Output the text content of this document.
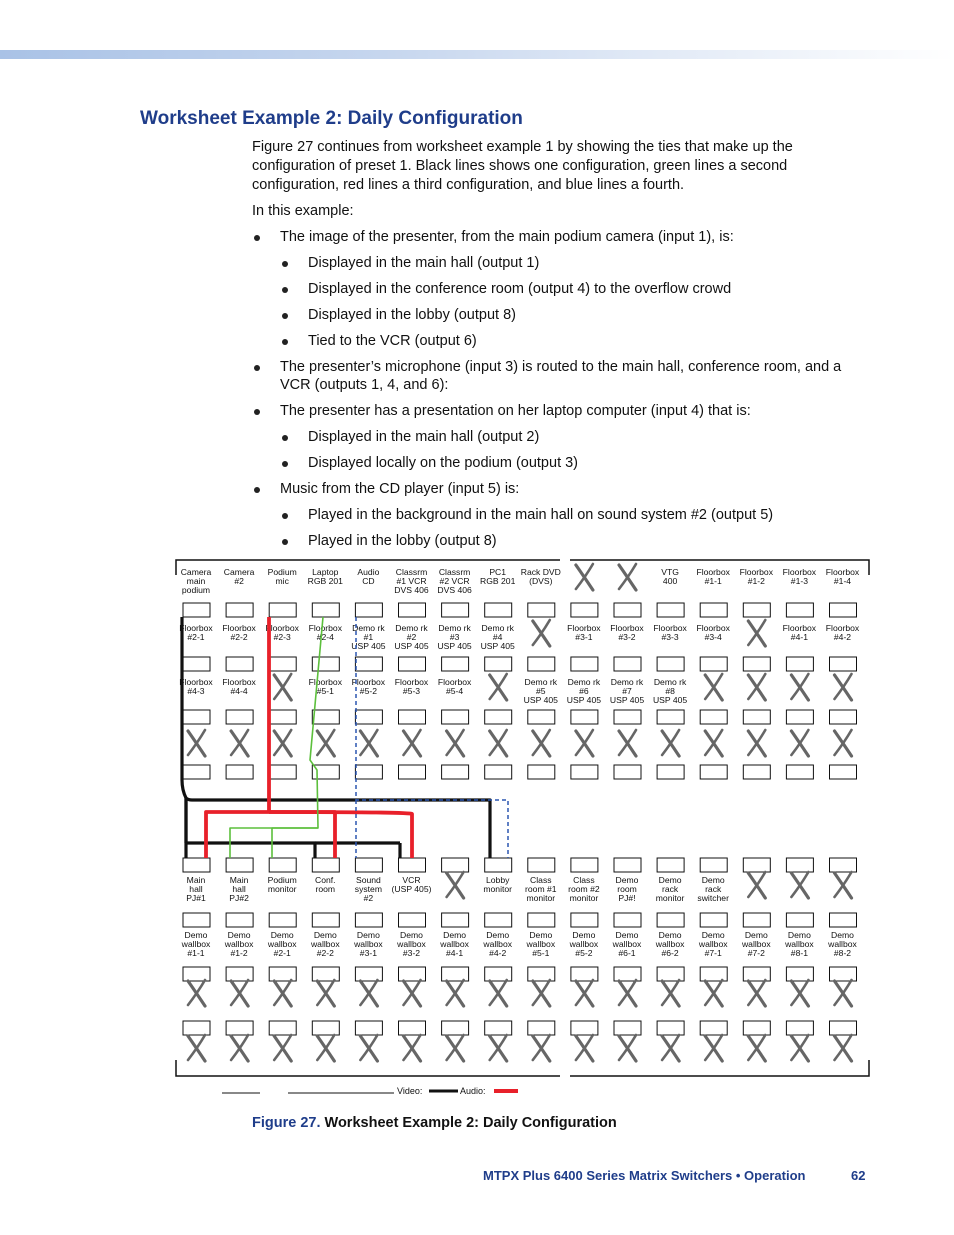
Worksheet Example 2: Daily Configuration

Figure 27 continues from worksheet example 1 by showing the ties that make up the

configuration of preset 1. Black lines shows one configuration, green lines a second

configuration, red lines a third configuration, and blue lines a fourth.

In this example:

The image of the presenter, from the main podium camera (input 1), is:

Displayed in the main hall (output 1)

Displayed in the conference room (output 4) to the overflow crowd

Displayed in the lobby (output 8)

Tied to the VCR (output 6)

The presenter’s microphone (input 3) is routed to the main hall, conference room, and a

VCR (outputs 1, 4, and 6):

The presenter has a presentation on her laptop computer (input 4) that is:

Displayed in the main hall (output 2)

Displayed locally on the podium (output 3)

Music from the CD player (input 5) is:

Played in the background in the main hall on sound system #2 (output 5)

Played in the lobby (output 8)

Camera
main
podium
Camera
#2
Podium
mic
Laptop
RGB 201
Audio
CD
Classrm
#1 VCR
DVS 406
Classrm
#2 VCR
DVS 406
PC1
RGB 201
Rack DVD
(DVS)
VTG
400
Floorbox
#1-1
Floorbox
#1-2
Floorbox
#1-3
Floorbox
#1-4
Floorbox
#2-1
Floorbox
#2-2
Floorbox
#2-3
Floorbox
#2-4
Demo rk
#1
USP 405
Demo rk
#2
USP 405
Demo rk
#3
USP 405
Demo rk
#4
USP 405
Floorbox
#3-1
Floorbox
#3-2
Floorbox
#3-3
Floorbox
#3-4
Floorbox
#4-1
Floorbox
#4-2
Floorbox
#4-3
Floorbox
#4-4
Floorbox
#5-1
Floorbox
#5-2
Floorbox
#5-3
Floorbox
#5-4
Demo rk
#5
USP 405
Demo rk
#6
USP 405
Demo rk
#7
USP 405
Demo rk
#8
USP 405
Main
hall
PJ#1
Main
hall
PJ#2
Podium
monitor
Conf.
room
Sound
system
#2
VCR
(USP 405)
Lobby
monitor
Class
room #1
monitor
Class
room #2
monitor
Demo
room
PJ#!
Demo
rack
monitor
Demo
rack
switcher
Demo
wallbox
#1-1
Demo
wallbox
#1-2
Demo
wallbox
#2-1
Demo
wallbox
#2-2
Demo
wallbox
#3-1
Demo
wallbox
#3-2
Demo
wallbox
#4-1
Demo
wallbox
#4-2
Demo
wallbox
#5-1
Demo
wallbox
#5-2
Demo
wallbox
#6-1
Demo
wallbox
#6-2
Demo
wallbox
#7-1
Demo
wallbox
#7-2
Demo
wallbox
#8-1
Demo
wallbox
#8-2
Video:	Audio:

Figure 27. Worksheet Example 2: Daily Configuration

MTPX Plus 6400 Series Matrix Switchers • Operation	62
